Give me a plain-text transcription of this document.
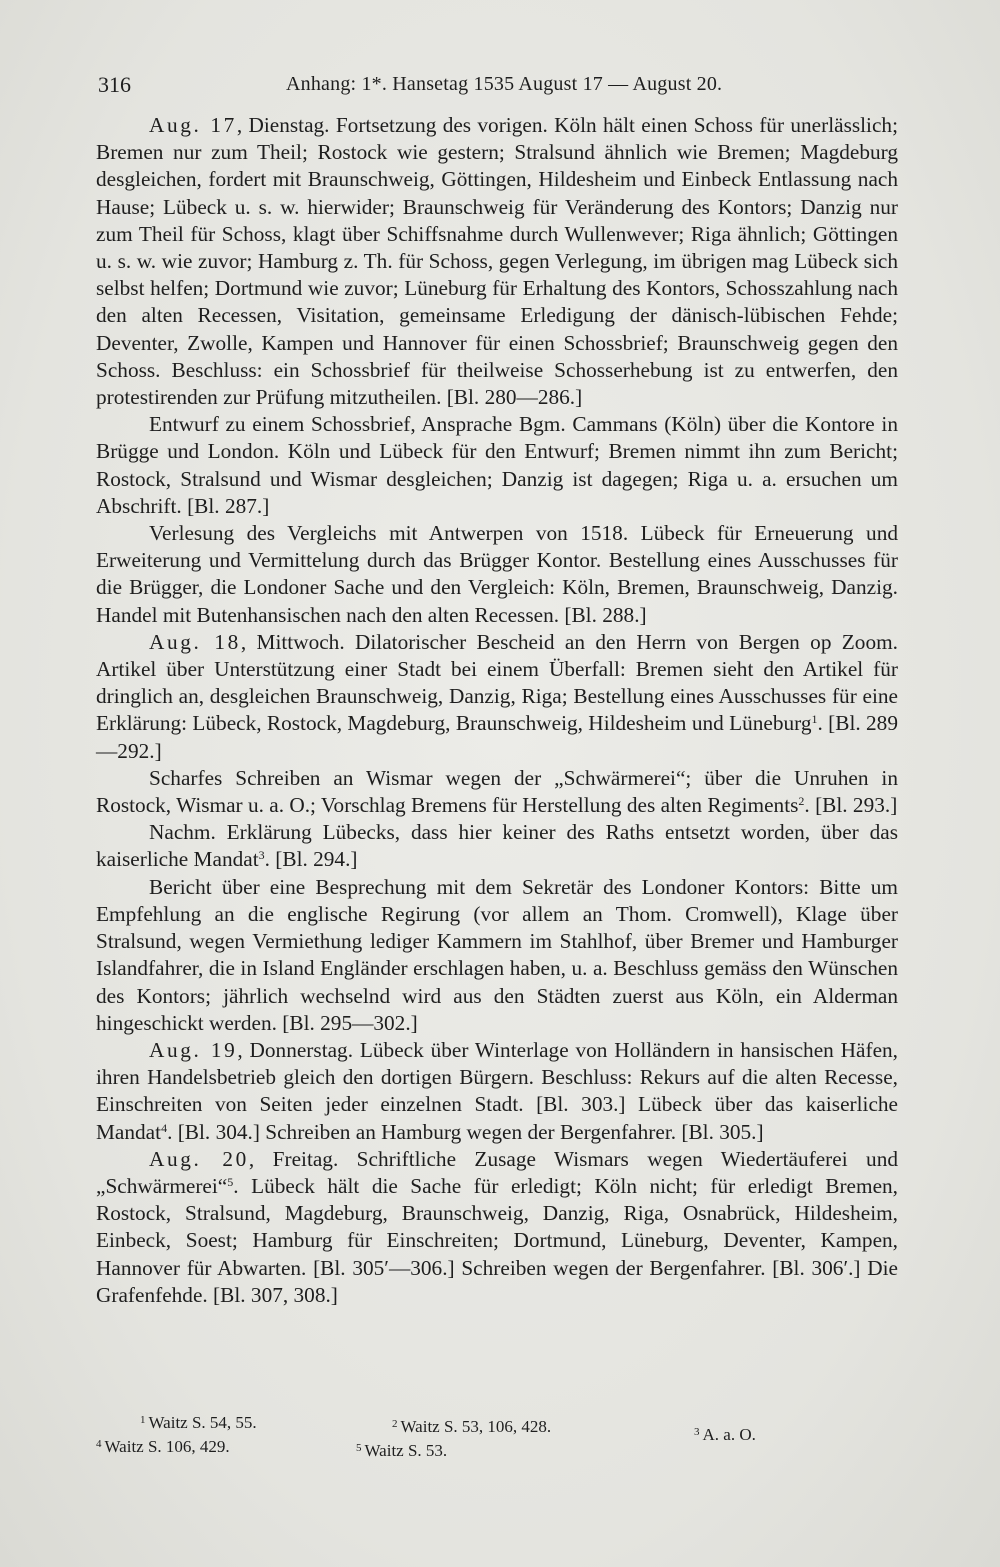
316	Anhang: 1*. Hansetag 1535 August 17 — August 20.

Aug. 17, Dienstag. Fortsetzung des vorigen. Köln hält einen Schoss für unerlässlich; Bremen nur zum Theil; Rostock wie gestern; Stralsund ähnlich wie Bremen; Magdeburg desgleichen, fordert mit Braunschweig, Göttingen, Hildesheim und Einbeck Entlassung nach Hause; Lübeck u. s. w. hierwider; Braunschweig für Veränderung des Kontors; Danzig nur zum Theil für Schoss, klagt über Schiffsnahme durch Wullenwever; Riga ähnlich; Göttingen u. s. w. wie zuvor; Hamburg z. Th. für Schoss, gegen Verlegung, im übrigen mag Lübeck sich selbst helfen; Dortmund wie zuvor; Lüneburg für Erhaltung des Kontors, Schosszahlung nach den alten Recessen, Visitation, gemeinsame Erledigung der dänisch-lübischen Fehde; Deventer, Zwolle, Kampen und Hannover für einen Schossbrief; Braunschweig gegen den Schoss. Beschluss: ein Schossbrief für theilweise Schosserhebung ist zu entwerfen, den protestirenden zur Prüfung mitzutheilen. [Bl. 280—286.]

Entwurf zu einem Schossbrief, Ansprache Bgm. Cammans (Köln) über die Kontore in Brügge und London. Köln und Lübeck für den Entwurf; Bremen nimmt ihn zum Bericht; Rostock, Stralsund und Wismar desgleichen; Danzig ist dagegen; Riga u. a. ersuchen um Abschrift. [Bl. 287.]

Verlesung des Vergleichs mit Antwerpen von 1518. Lübeck für Erneuerung und Erweiterung und Vermittelung durch das Brügger Kontor. Bestellung eines Ausschusses für die Brügger, die Londoner Sache und den Vergleich: Köln, Bremen, Braunschweig, Danzig. Handel mit Butenhansischen nach den alten Recessen. [Bl. 288.]

Aug. 18, Mittwoch. Dilatorischer Bescheid an den Herrn von Bergen op Zoom. Artikel über Unterstützung einer Stadt bei einem Überfall: Bremen sieht den Artikel für dringlich an, desgleichen Braunschweig, Danzig, Riga; Bestellung eines Ausschusses für eine Erklärung: Lübeck, Rostock, Magdeburg, Braunschweig, Hildesheim und Lüneburg$^1$. [Bl. 289—292.]

Scharfes Schreiben an Wismar wegen der „Schwärmerei“; über die Unruhen in Rostock, Wismar u. a. O.; Vorschlag Bremens für Herstellung des alten Regiments$^2$. [Bl. 293.]

Nachm. Erklärung Lübecks, dass hier keiner des Raths entsetzt worden, über das kaiserliche Mandat$^3$. [Bl. 294.]

Bericht über eine Besprechung mit dem Sekretär des Londoner Kontors: Bitte um Empfehlung an die englische Regirung (vor allem an Thom. Cromwell), Klage über Stralsund, wegen Vermiethung lediger Kammern im Stahlhof, über Bremer und Hamburger Islandfahrer, die in Island Engländer erschlagen haben, u. a. Beschluss gemäss den Wünschen des Kontors; jährlich wechselnd wird aus den Städten zuerst aus Köln, ein Alderman hingeschickt werden. [Bl. 295—302.]

Aug. 19, Donnerstag. Lübeck über Winterlage von Holländern in hansischen Häfen, ihren Handelsbetrieb gleich den dortigen Bürgern. Beschluss: Rekurs auf die alten Recesse, Einschreiten von Seiten jeder einzelnen Stadt. [Bl. 303.] Lübeck über das kaiserliche Mandat$^4$. [Bl. 304.] Schreiben an Hamburg wegen der Bergenfahrer. [Bl. 305.]

Aug. 20, Freitag. Schriftliche Zusage Wismars wegen Wiedertäuferei und „Schwärmerei“$^5$. Lübeck hält die Sache für erledigt; Köln nicht; für erledigt Bremen, Rostock, Stralsund, Magdeburg, Braunschweig, Danzig, Riga, Osnabrück, Hildesheim, Einbeck, Soest; Hamburg für Einschreiten; Dortmund, Lüneburg, Deventer, Kampen, Hannover für Abwarten. [Bl. 305′—306.] Schreiben wegen der Bergenfahrer. [Bl. 306′.] Die Grafenfehde. [Bl. 307, 308.]

$^1$ Waitz S. 54, 55.	$^2$ Waitz S. 53, 106, 428.	$^3$ A. a. O.
$^4$ Waitz S. 106, 429.	$^5$ Waitz S. 53.
